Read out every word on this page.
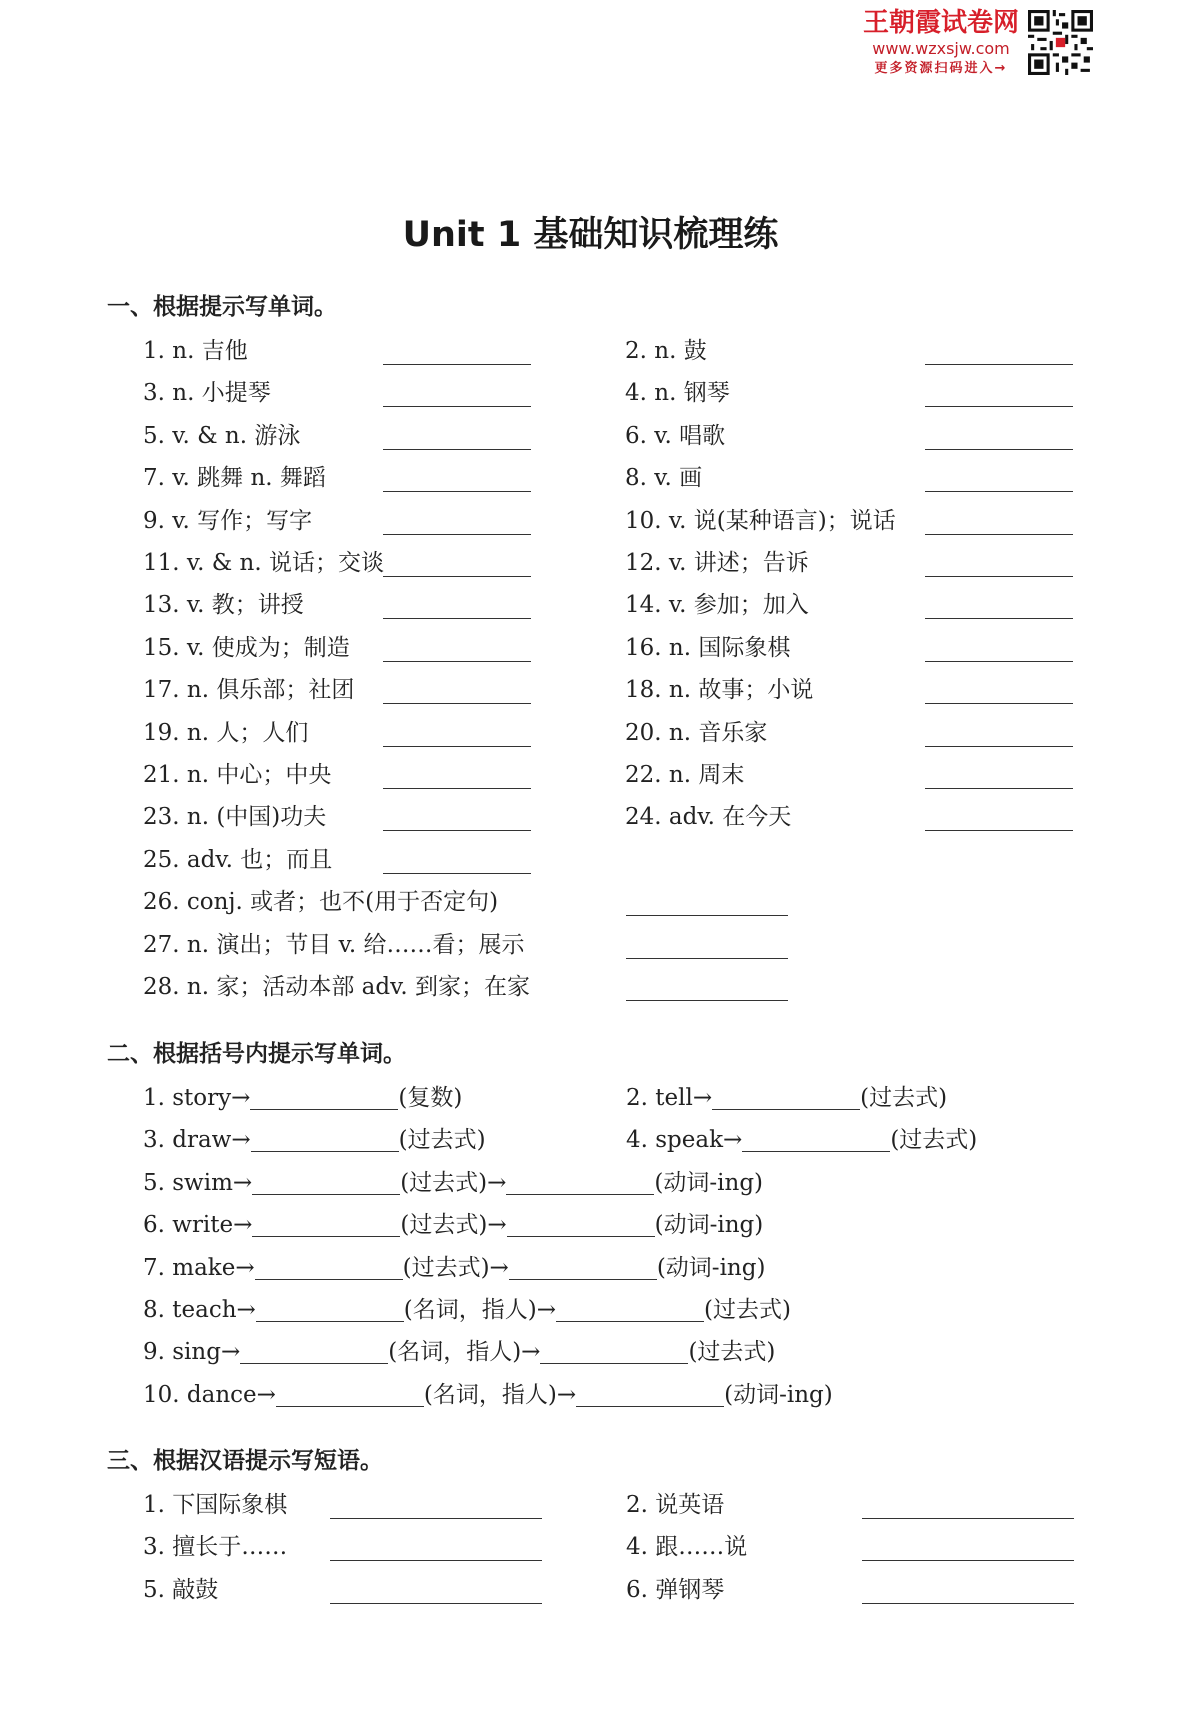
王朝霞试卷网
www.wzxsjw.com
更多资源扫码进入→
Unit 1 基础知识梳理练
一、根据提示写单词。
1. n. 吉他	2. n. 鼓
3. n. 小提琴	4. n. 钢琴
5. v. & n. 游泳	6. v. 唱歌
7. v. 跳舞 n. 舞蹈	8. v. 画
9. v. 写作；写字	10. v. 说(某种语言)；说话
11. v. & n. 说话；交谈	12. v. 讲述；告诉
13. v. 教；讲授	14. v. 参加；加入
15. v. 使成为；制造	16. n. 国际象棋
17. n. 俱乐部；社团	18. n. 故事；小说
19. n. 人；人们	20. n. 音乐家
21. n. 中心；中央	22. n. 周末
23. n. (中国)功夫	24. adv. 在今天
25. adv. 也；而且
26. conj. 或者；也不(用于否定句)
27. n. 演出；节目 v. 给……看；展示
28. n. 家；活动本部 adv. 到家；在家
二、根据括号内提示写单词。
1. story→	(复数)	2. tell→	(过去式)
3. draw→	(过去式)	4. speak→	(过去式)
5. swim→	(过去式)→	(动词-ing)
6. write→	(过去式)→	(动词-ing)
7. make→	(过去式)→	(动词-ing)
8. teach→	(名词，指人)→	(过去式)
9. sing→	(名词，指人)→	(过去式)
10. dance→	(名词，指人)→	(动词-ing)
三、根据汉语提示写短语。
1. 下国际象棋	2. 说英语
3. 擅长于……	4. 跟……说
5. 敲鼓	6. 弹钢琴
